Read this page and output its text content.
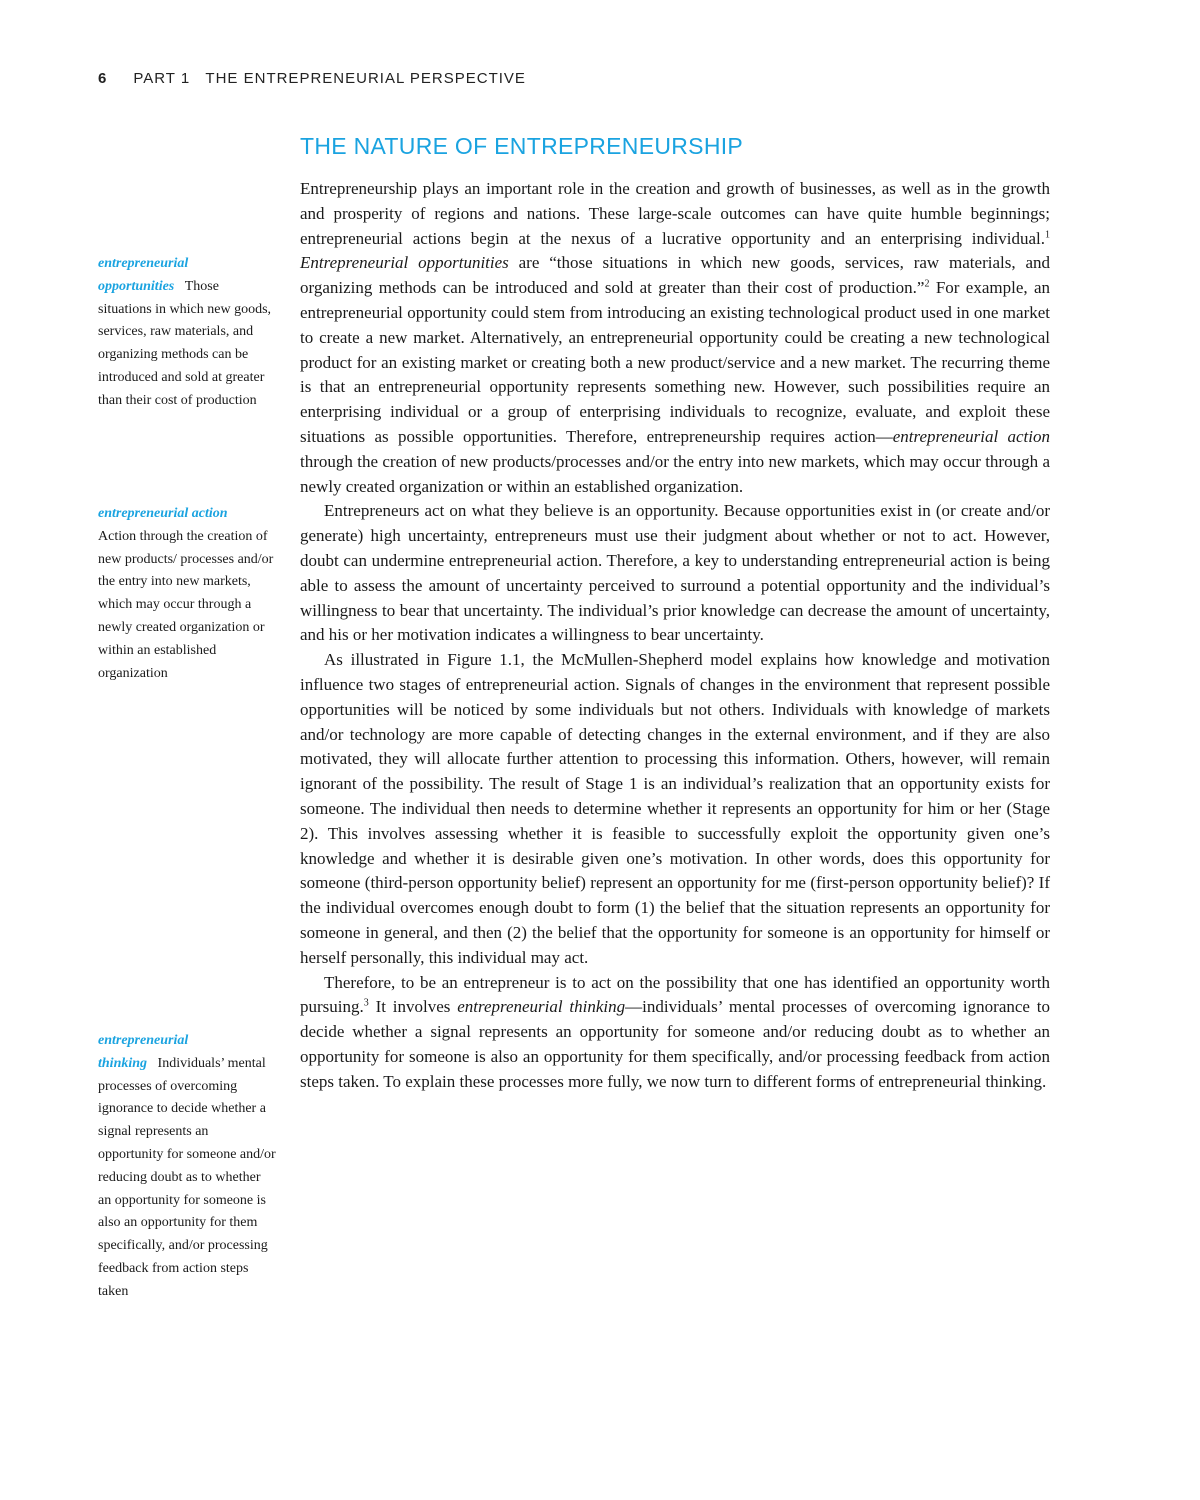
6 PART 1   THE ENTREPRENEURIAL PERSPECTIVE
THE NATURE OF ENTREPRENEURSHIP

Entrepreneurship plays an important role in the creation and growth of businesses, as well as in the growth and prosperity of regions and nations. These large-scale outcomes can have quite humble beginnings; entrepreneurial actions begin at the nexus of a lucrative opportunity and an enterprising individual.$^1$ Entrepreneurial opportunities are “those situations in which new goods, services, raw materials, and organizing methods can be introduced and sold at greater than their cost of production.”$^2$ For example, an entrepreneurial opportunity could stem from introducing an existing technological product used in one market to create a new market. Alternatively, an entrepreneurial opportunity could be creating a new technological product for an existing market or creating both a new product/service and a new market. The recurring theme is that an entrepreneurial opportunity represents something new. However, such possibilities require an enterprising individual or a group of enterprising individuals to recognize, evaluate, and exploit these situations as possible opportunities. Therefore, entrepreneurship requires action—entrepreneurial action through the creation of new products/processes and/or the entry into new markets, which may occur through a newly created organization or within an established organization.

Entrepreneurs act on what they believe is an opportunity. Because opportunities exist in (or create and/or generate) high uncertainty, entrepreneurs must use their judgment about whether or not to act. However, doubt can undermine entrepreneurial action. Therefore, a key to understanding entrepreneurial action is being able to assess the amount of uncertainty perceived to surround a potential opportunity and the individual’s willingness to bear that uncertainty. The individual’s prior knowledge can decrease the amount of uncertainty, and his or her motivation indicates a willingness to bear uncertainty.

As illustrated in Figure 1.1, the McMullen-Shepherd model explains how knowledge and motivation influence two stages of entrepreneurial action. Signals of changes in the environment that represent possible opportunities will be noticed by some individuals but not others. Individuals with knowledge of markets and/or technology are more capable of detecting changes in the external environment, and if they are also motivated, they will allocate further attention to processing this information. Others, however, will remain ignorant of the possibility. The result of Stage 1 is an individual’s realization that an opportunity exists for someone. The individual then needs to determine whether it represents an opportunity for him or her (Stage 2). This involves assessing whether it is feasible to successfully exploit the opportunity given one’s knowledge and whether it is desirable given one’s motivation. In other words, does this opportunity for someone (third-person opportunity belief) represent an opportunity for me (first-person opportunity belief)? If the individual overcomes enough doubt to form (1) the belief that the situation represents an opportunity for someone in general, and then (2) the belief that the opportunity for someone is an opportunity for himself or herself personally, this individual may act.

Therefore, to be an entrepreneur is to act on the possibility that one has identified an opportunity worth pursuing.$^3$ It involves entrepreneurial thinking—individuals’ mental processes of overcoming ignorance to decide whether a signal represents an opportunity for someone and/or reducing doubt as to whether an opportunity for someone is also an opportunity for them specifically, and/or processing feedback from action steps taken. To explain these processes more fully, we now turn to different forms of entrepreneurial thinking.

entrepreneurial opportunities Those situations in which new goods, services, raw materials, and organizing methods can be introduced and sold at greater than their cost of production
entrepreneurial action
Action through the creation of new products/ processes and/or the entry into new markets, which may occur through a newly created organization or within an established organization
entrepreneurial thinking Individuals’ mental processes of overcoming ignorance to decide whether a signal represents an opportunity for someone and/or reducing doubt as to whether an opportunity for someone is also an opportunity for them specifically, and/or processing feedback from action steps taken
